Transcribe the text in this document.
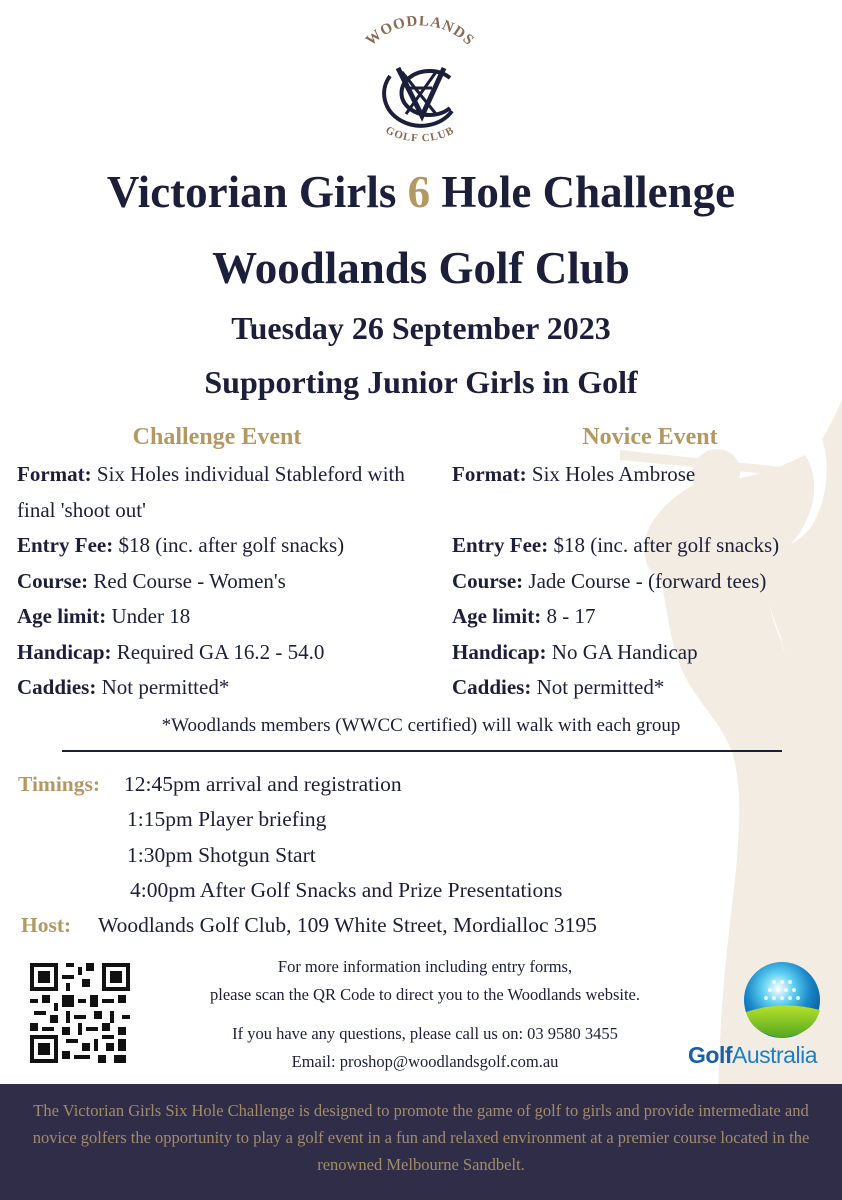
WOODLANDS
GOLF CLUB
Victorian Girls 6 Hole Challenge
Woodlands Golf Club
Tuesday 26 September 2023
Supporting Junior Girls in Golf
Challenge Event	Novice Event
Format: Six Holes individual Stableford with final 'shoot out'
Entry Fee: $18 (inc. after golf snacks)
Course: Red Course - Women's
Age limit: Under 18
Handicap: Required GA 16.2 - 54.0
Caddies: Not permitted*
Format: Six Holes Ambrose
Entry Fee: $18 (inc. after golf snacks)
Course: Jade Course - (forward tees)
Age limit: 8 - 17
Handicap: No GA Handicap
Caddies: Not permitted*
*Woodlands members (WWCC certified) will walk with each group
Timings: 12:45pm arrival and registration
1:15pm Player briefing
1:30pm Shotgun Start
4:00pm After Golf Snacks and Prize Presentations
Host: Woodlands Golf Club, 109 White Street, Mordialloc 3195
For more information including entry forms,
please scan the QR Code to direct you to the Woodlands website.
If you have any questions, please call us on: 03 9580 3455
Email: proshop@woodlandsgolf.com.au	GolfAustralia
The Victorian Girls Six Hole Challenge is designed to promote the game of golf to girls and provide intermediate and novice golfers the opportunity to play a golf event in a fun and relaxed environment at a premier course located in the renowned Melbourne Sandbelt.
